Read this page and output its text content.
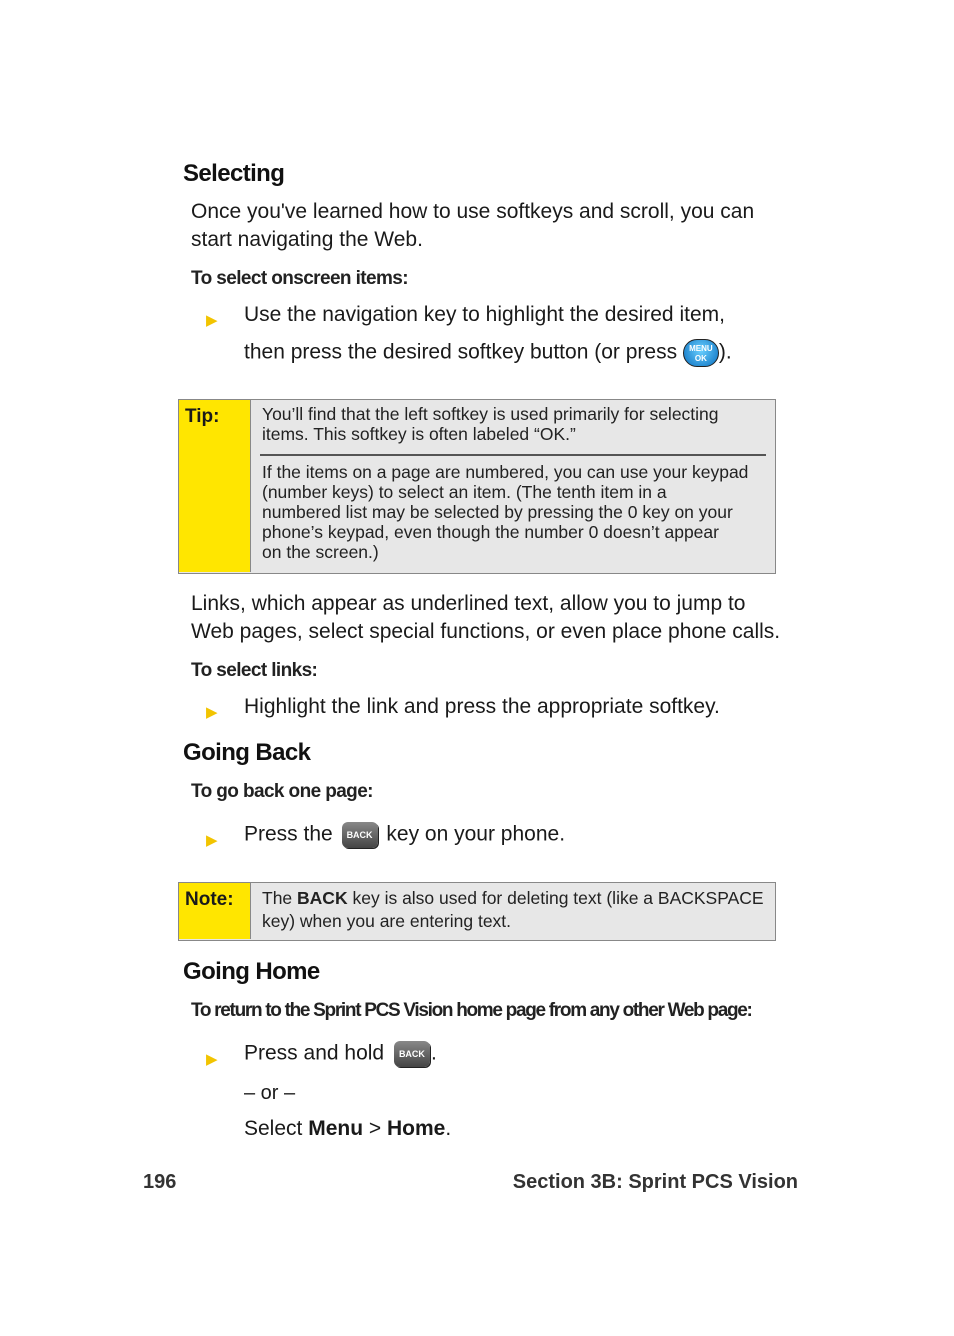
Selecting
Once you've learned how to use softkeys and scroll, you can
start navigating the Web.
To select onscreen items:
▶ Use the navigation key to highlight the desired item,
then press the desired softkey button (or press MENU
OK ).
Tip:	You’ll find that the left softkey is used primarily for selecting
items. This softkey is often labeled “OK.”
If the items on a page are numbered, you can use your keypad
(number keys) to select an item. (The tenth item in a
numbered list may be selected by pressing the 0 key on your
phone’s keypad, even though the number 0 doesn’t appear
on the screen.)
Links, which appear as underlined text, allow you to jump to
Web pages, select special functions, or even place phone calls.
To select links:
▶ Highlight the link and press the appropriate softkey.
Going Back
To go back one page:
▶ Press the BACK key on your phone.
Note:	The BACK key is also used for deleting text (like a BACKSPACE
key) when you are entering text.
Going Home
To return to the Sprint PCS Vision home page from any other Web page:
▶ Press and hold BACK .
– or –
Select Menu > Home.
196	Section 3B: Sprint PCS Vision
